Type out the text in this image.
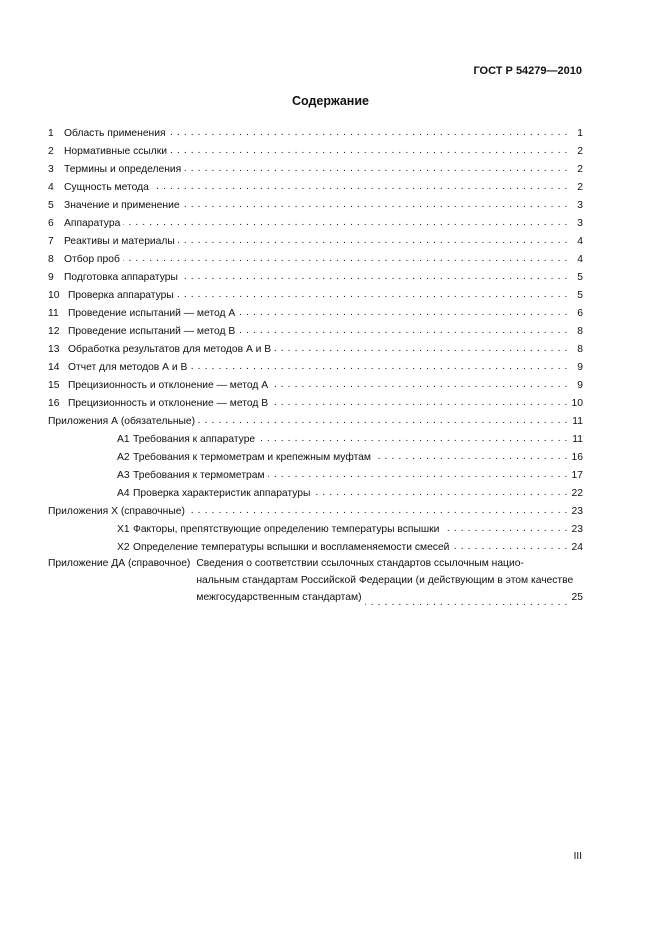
ГОСТ Р 54279—2010
Содержание
1 Область применения . . .	1
2 Нормативные ссылки . . .	2
3 Термины и определения . . .	2
4 Сущность метода . . .	2
5 Значение и применение . . .	3
6 Аппаратура . . .	3
7 Реактивы и материалы . . .	4
8 Отбор проб . . .	4
9 Подготовка аппаратуры . . .	5
10 Проверка аппаратуры . . .	5
11 Проведение испытаний — метод А . . .	6
12 Проведение испытаний — метод В . . .	8
13 Обработка результатов для методов А и В . . .	8
14 Отчет для методов А и В . . .	9
15 Прецизионность и отклонение — метод А . . .	9
16 Прецизионность и отклонение — метод В . . .	10
Приложения А (обязательные) . . .	11
А1 Требования к аппаратуре . . .	11
А2 Требования к термометрам и крепежным муфтам . . .	16
А3 Требования к термометрам . . .	17
А4 Проверка характеристик аппаратуры . . .	22
Приложения Х (справочные) . . .	23
Х1 Факторы, препятствующие определению температуры вспышки . . .	23
Х2 Определение температуры вспышки и воспламеняемости смесей . . .	24
Приложение ДА (справочное) Сведения о соответствии ссылочных стандартов ссылочным нацио-
нальным стандартам Российской Федерации (и действующим в этом качестве
межгосударственным стандартам) . . .	25
III
